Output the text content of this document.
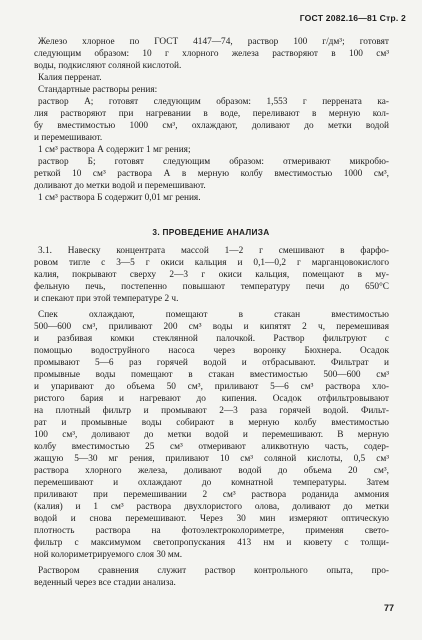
ГОСТ 2082.16—81 Стр. 2
Железо хлорное по ГОСТ 4147—74, раствор 100 г/дм³; готовят
следующим образом: 10 г хлорного железа растворяют в 100 см³
воды, подкисляют соляной кислотой.
Калия перренат.
Стандартные растворы рения:
раствор А; готовят следующим образом: 1,553 г перрената ка-
лия растворяют при нагревании в воде, переливают в мерную кол-
бу вместимостью 1000 см³, охлаждают, доливают до метки водой
и перемешивают.
1 см³ раствора А содержит 1 мг рения;
раствор Б; готовят следующим образом: отмеривают микробю-
реткой 10 см³ раствора А в мерную колбу вместимостью 1000 см³,
доливают до метки водой и перемешивают.
1 см³ раствора Б содержит 0,01 мг рения.
3. ПРОВЕДЕНИЕ АНАЛИЗА
3.1. Навеску концентрата массой 1—2 г смешивают в фарфо-
ровом тигле с 3—5 г окиси кальция и 0,1—0,2 г марганцовокислого
калия, покрывают сверху 2—3 г окиси кальция, помещают в му-
фельную печь, постепенно повышают температуру печи до 650°С
и спекают при этой температуре 2 ч.
Спек охлаждают, помещают в стакан вместимостью
500—600 см³, приливают 200 см³ воды и кипятят 2 ч, перемешивая
и разбивая комки стеклянной палочкой. Раствор фильтруют с
помощью водоструйного насоса через воронку Бюхнера. Осадок
промывают 5—6 раз горячей водой и отбрасывают. Фильтрат и
промывные воды помещают в стакан вместимостью 500—600 см³
и упаривают до объема 50 см³, приливают 5—6 см³ раствора хло-
ристого бария и нагревают до кипения. Осадок отфильтровывают
на плотный фильтр и промывают 2—3 раза горячей водой. Фильт-
рат и промывные воды собирают в мерную колбу вместимостью
100 см³, доливают до метки водой и перемешивают. В мерную
колбу вместимостью 25 см³ отмеривают аликвотную часть, содер-
жащую 5—30 мг рения, приливают 10 см³ соляной кислоты, 0,5 см³
раствора хлорного железа, доливают водой до объема 20 см³,
перемешивают и охлаждают до комнатной температуры. Затем
приливают при перемешивании 2 см³ раствора роданида аммония
(калия) и 1 см³ раствора двухлористого олова, доливают до метки
водой и снова перемешивают. Через 30 мин измеряют оптическую
плотность раствора на фотоэлектроколориметре, применяя свето-
фильтр с максимумом светопропускания 413 нм и кювету с толщи-
ной колориметрируемого слоя 30 мм.
Раствором сравнения служит раствор контрольного опыта, про-
веденный через все стадии анализа.
77
